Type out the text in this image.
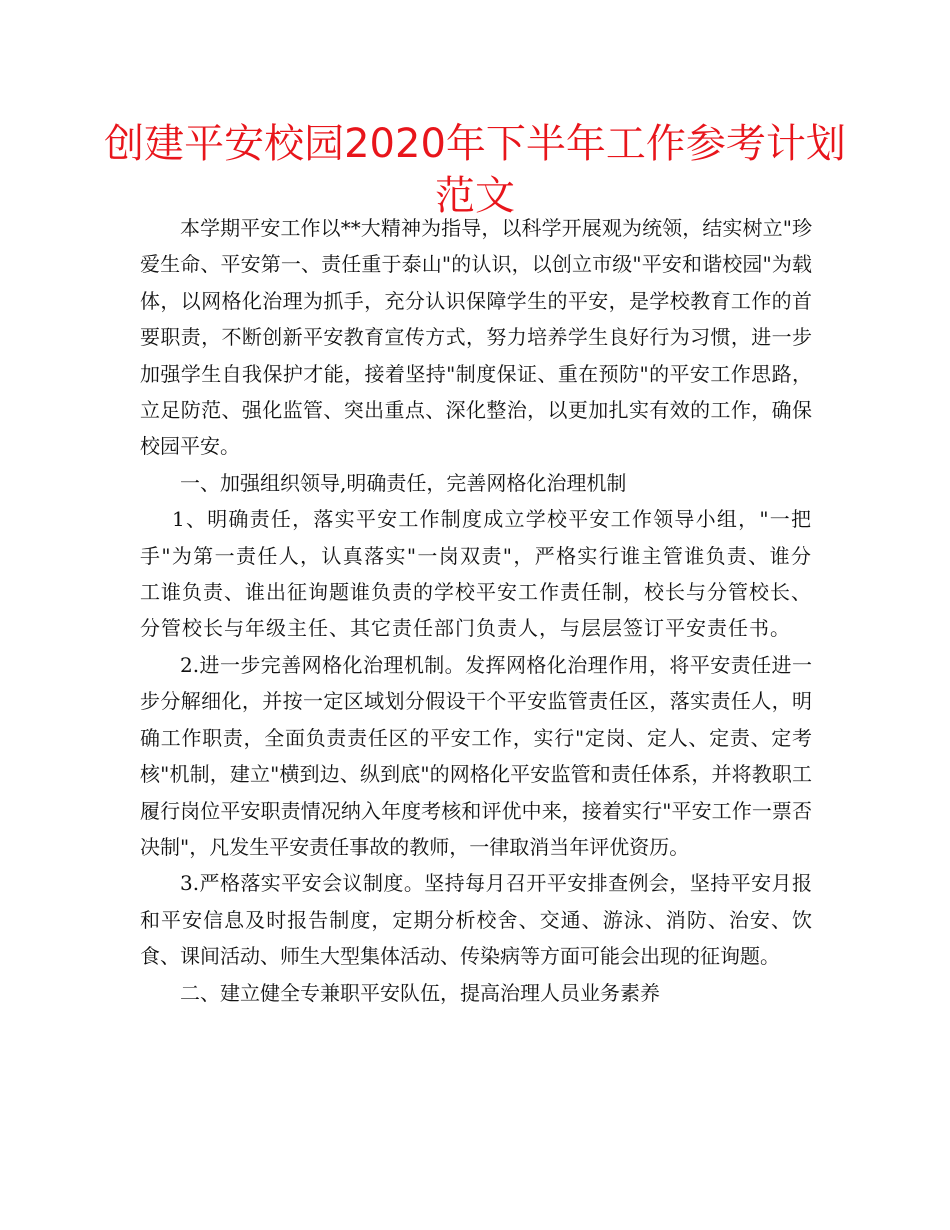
创建平安校园2020年下半年工作参考计划
范文

本学期平安工作以**大精神为指导，以科学开展观为统领，结实树立"珍爱生命、平安第一、责任重于泰山"的认识，以创立市级"平安和谐校园"为载体，以网格化治理为抓手，充分认识保障学生的平安，是学校教育工作的首要职责，不断创新平安教育宣传方式，努力培养学生良好行为习惯，进一步加强学生自我保护才能，接着坚持"制度保证、重在预防"的平安工作思路，立足防范、强化监管、突出重点、深化整治，以更加扎实有效的工作，确保校园平安。

一、加强组织领导,明确责任，完善网格化治理机制

1、明确责任，落实平安工作制度成立学校平安工作领导小组，"一把手"为第一责任人，认真落实"一岗双责"，严格实行谁主管谁负责、谁分工谁负责、谁出征询题谁负责的学校平安工作责任制，校长与分管校长、分管校长与年级主任、其它责任部门负责人，与层层签订平安责任书。

2.进一步完善网格化治理机制。发挥网格化治理作用，将平安责任进一步分解细化，并按一定区域划分假设干个平安监管责任区，落实责任人，明确工作职责，全面负责责任区的平安工作，实行"定岗、定人、定责、定考核"机制，建立"横到边、纵到底"的网格化平安监管和责任体系，并将教职工履行岗位平安职责情况纳入年度考核和评优中来，接着实行"平安工作一票否决制"，凡发生平安责任事故的教师，一律取消当年评优资历。

3.严格落实平安会议制度。坚持每月召开平安排查例会，坚持平安月报和平安信息及时报告制度，定期分析校舍、交通、游泳、消防、治安、饮食、课间活动、师生大型集体活动、传染病等方面可能会出现的征询题。

二、建立健全专兼职平安队伍，提高治理人员业务素养
